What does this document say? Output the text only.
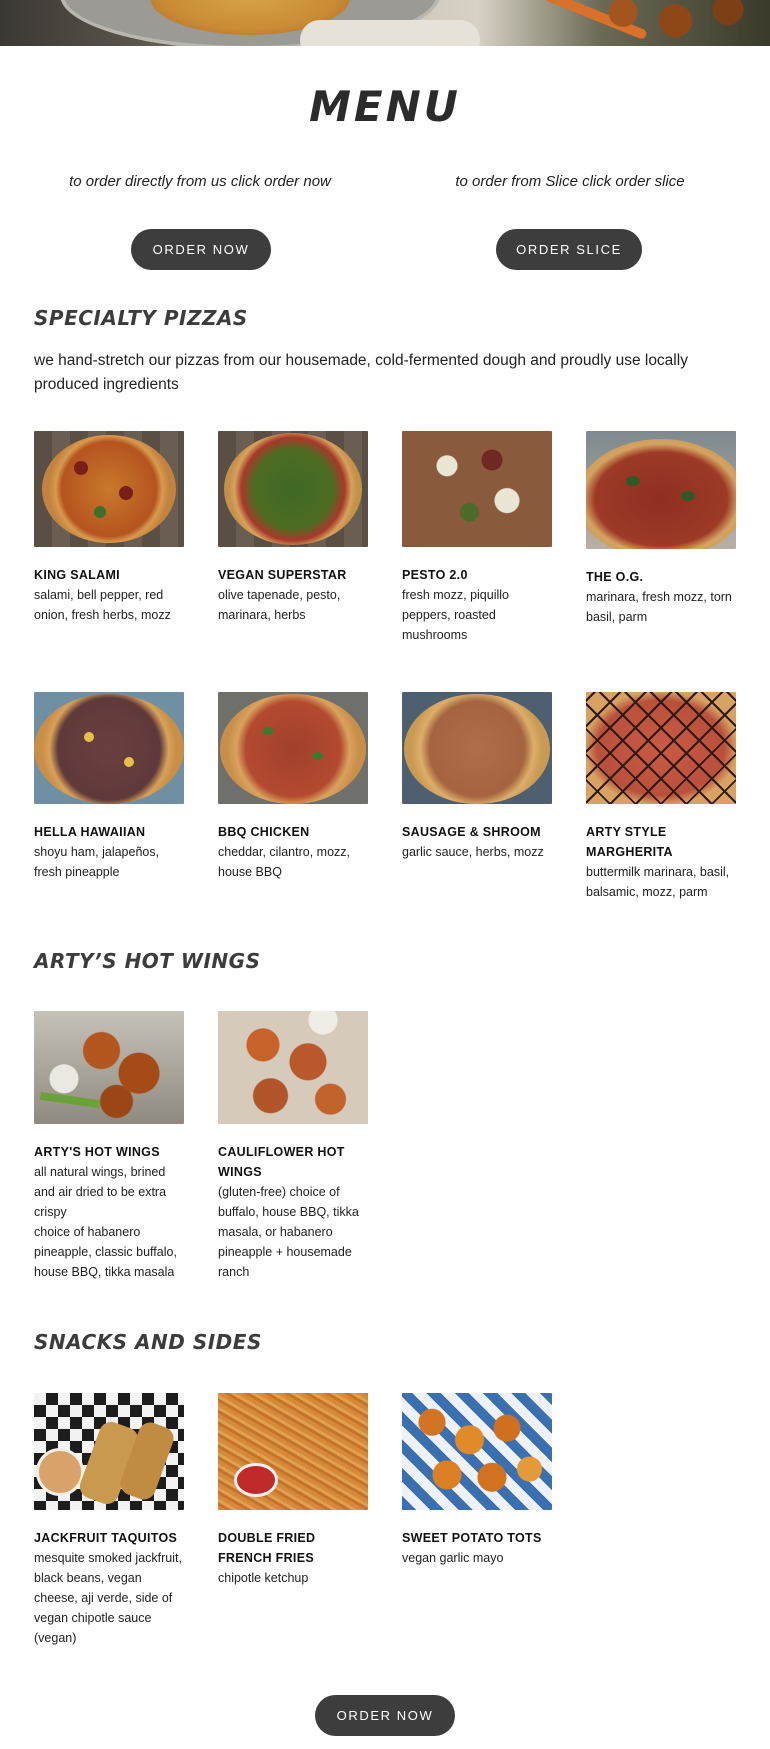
MENU
to order directly from us click order now	to order from Slice click order slice
ORDER NOW	ORDER SLICE
SPECIALTY PIZZAS
we hand-stretch our pizzas from our housemade, cold-fermented dough and proudly use locally produced ingredients
KING SALAMI
salami, bell pepper, red onion, fresh herbs, mozz
VEGAN SUPERSTAR
olive tapenade, pesto, marinara, herbs
PESTO 2.0
fresh mozz, piquillo peppers, roasted mushrooms
THE O.G.
marinara, fresh mozz, torn basil, parm
HELLA HAWAIIAN
shoyu ham, jalapeños, fresh pineapple
BBQ CHICKEN
cheddar, cilantro, mozz, house BBQ
SAUSAGE & SHROOM
garlic sauce, herbs, mozz
ARTY STYLE MARGHERITA
buttermilk marinara, basil, balsamic, mozz, parm
ARTY’S HOT WINGS
ARTY'S HOT WINGS
all natural wings, brined and air dried to be extra crispy
choice of habanero pineapple, classic buffalo, house BBQ, tikka masala
CAULIFLOWER HOT WINGS
(gluten-free) choice of buffalo, house BBQ, tikka masala, or habanero pineapple + housemade ranch
SNACKS AND SIDES
JACKFRUIT TAQUITOS
mesquite smoked jackfruit, black beans, vegan cheese, aji verde, side of vegan chipotle sauce (vegan)
DOUBLE FRIED FRENCH FRIES
chipotle ketchup
SWEET POTATO TOTS
vegan garlic mayo
ORDER NOW
